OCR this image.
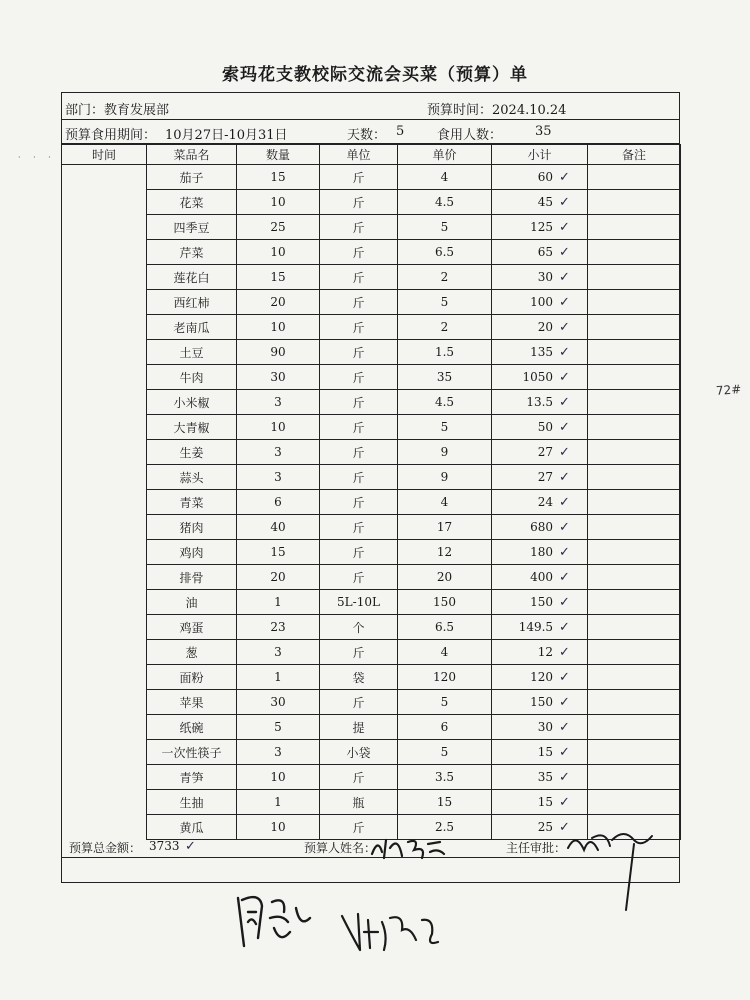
索玛花支教校际交流会买菜（预算）单
部门：教育发展部	预算时间：2024.10.24
预算食用期间： 10月27日-10月31日	天数： 5	食用人数：	35
时间	菜品名	数量	单位	单价	小计	备注
	茄子	15	斤	4	60 ✓	
	花菜	10	斤	4.5	45 ✓	
	四季豆	25	斤	5	125 ✓	
	芹菜	10	斤	6.5	65 ✓	
	莲花白	15	斤	2	30 ✓	
	西红柿	20	斤	5	100 ✓	
	老南瓜	10	斤	2	20 ✓	
	土豆	90	斤	1.5	135 ✓	
	牛肉	30	斤	35	1050 ✓	
	小米椒	3	斤	4.5	13.5 ✓	
	大青椒	10	斤	5	50 ✓	
	生姜	3	斤	9	27 ✓	
	蒜头	3	斤	9	27 ✓	
	青菜	6	斤	4	24 ✓	
	猪肉	40	斤	17	680 ✓	
	鸡肉	15	斤	12	180 ✓	
	排骨	20	斤	20	400 ✓	
	油	1	5L-10L	150	150 ✓	
	鸡蛋	23	个	6.5	149.5 ✓	
	葱	3	斤	4	12 ✓	
	面粉	1	袋	120	120 ✓	
	苹果	30	斤	5	150 ✓	
	纸碗	5	提	6	30 ✓	
	一次性筷子	3	小袋	5	15 ✓	
	青笋	10	斤	3.5	35 ✓	
	生抽	1	瓶	15	15 ✓	
	黄瓜	10	斤	2.5	25 ✓	
预算总金额： 3733 ✓	预算人姓名：	主任审批：
72#
· · ·
